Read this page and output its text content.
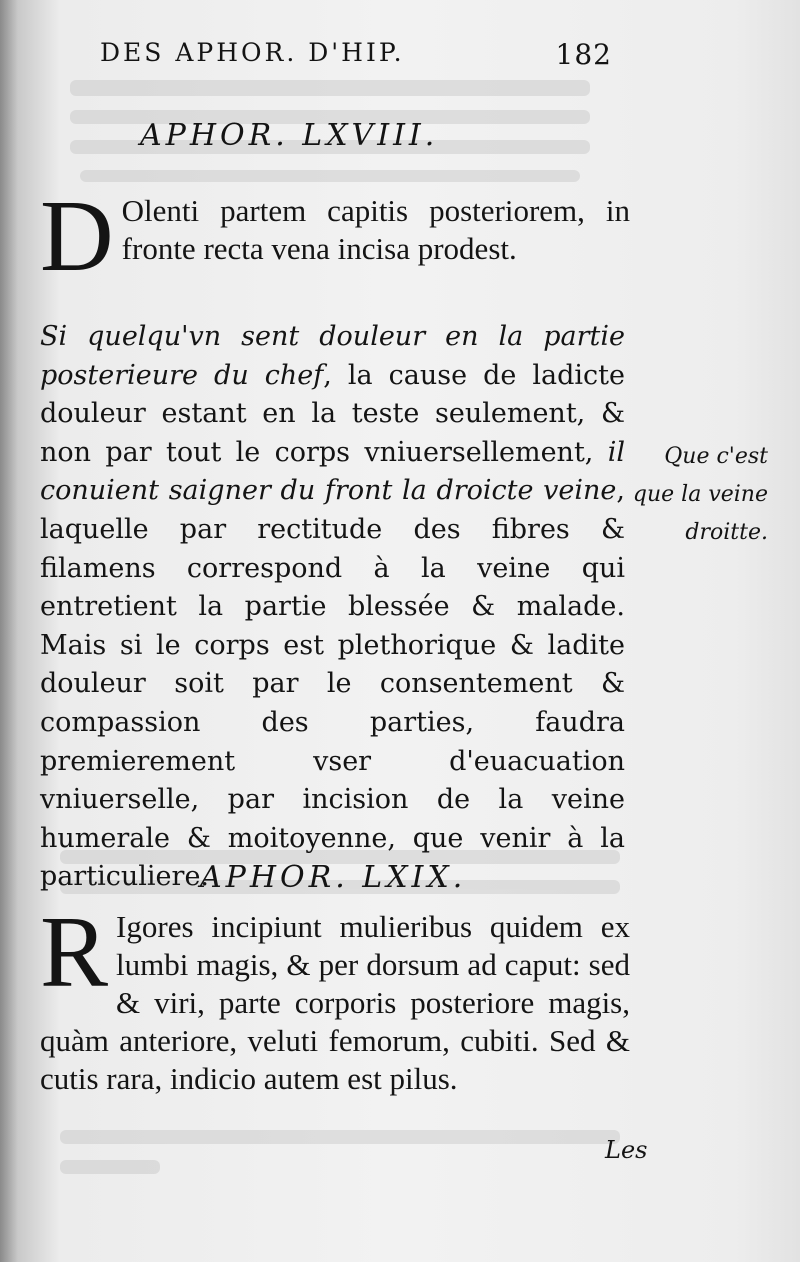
DES APHOR. D'HIP.	182
APHOR. LXVIII.
D Olenti partem capitis posteriorem, in fronte recta vena incisa prodest.
Si quelqu'vn sent douleur en la partie posterieure du chef, la cause de ladicte douleur estant en la teste seulement, & non par tout le corps vniuersellement, il conuient saigner du front la droicte veine, laquelle par rectitude des fibres & filamens correspond à la veine qui entretient la partie blessée & malade. Mais si le corps est plethorique & ladite douleur soit par le consentement & compassion des parties, faudra premierement vser d'euacuation vniuerselle, par incision de la veine humerale & moitoyenne, que venir à la particuliere.
Que c'est que la veine droitte.
APHOR. LXIX.
R Igores incipiunt mulieribus quidem ex lumbi magis, & per dorsum ad caput: sed & viri, parte corporis posteriore magis, quàm anteriore, veluti femorum, cubiti. Sed & cutis rara, indicio autem est pilus.
Les
